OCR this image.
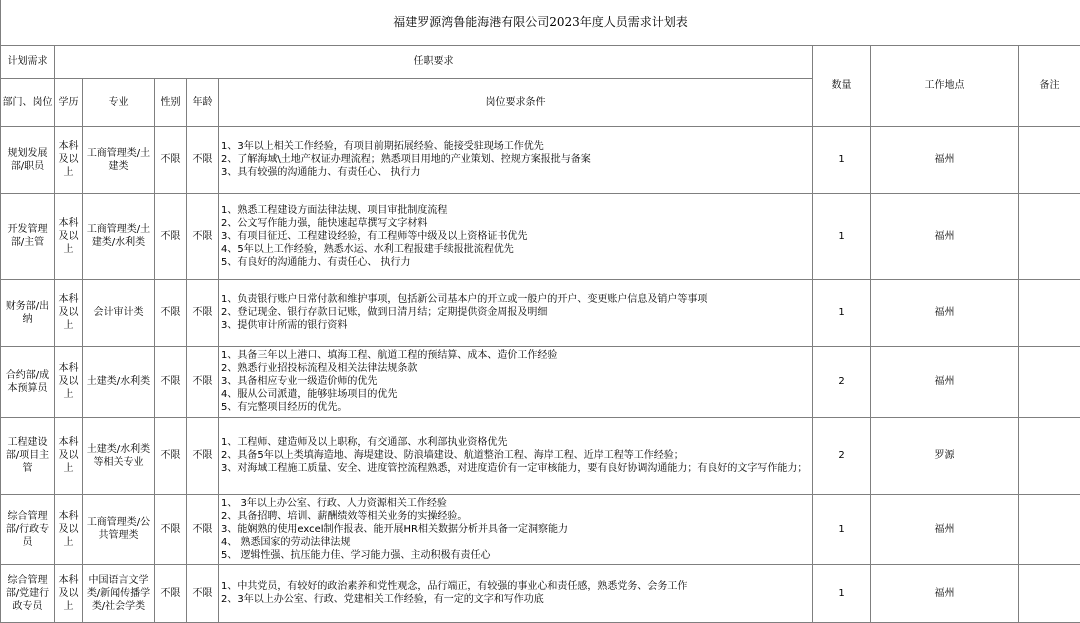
福建罗源湾鲁能海港有限公司2023年度人员需求计划表								
计划需求	任职要求					数量	工作地点	备注
部门、岗位	学历	专业	性别	年龄	岗位要求条件			
规划发展部/职员	本科及以上	工商管理类/土建类	不限	不限	1、3年以上相关工作经验，有项目前期拓展经验、能接受驻现场工作优先
2、了解海域\土地产权证办理流程；熟悉项目用地的产业策划、控规方案报批与备案
3、具有较强的沟通能力、有责任心、 执行力	1	福州	
开发管理部/主管	本科及以上	工商管理类/土建类/水利类	不限	不限	1、熟悉工程建设方面法律法规、项目审批制度流程
2、公文写作能力强，能快速起草撰写文字材料
3、有项目征迁、工程建设经验，有工程师等中级及以上资格证书优先
4、5年以上工作经验，熟悉水运、水利工程报建手续报批流程优先
5、有良好的沟通能力、有责任心、 执行力	1	福州	
财务部/出纳	本科及以上	会计审计类	不限	不限	1、负责银行账户日常付款和维护事项，包括新公司基本户的开立或一般户的开户、变更账户信息及销户等事项
2、登记现金、银行存款日记账，做到日清月结；定期提供资金周报及明细
3、提供审计所需的银行资料	1	福州	
合约部/成本预算员	本科及以上	土建类/水利类	不限	不限	1、具备三年以上港口、填海工程、航道工程的预结算、成本、造价工作经验
2、熟悉行业招投标流程及相关法律法规条款
3、具备相应专业一级造价师的优先
4、服从公司派遣，能够驻场项目的优先
5、有完整项目经历的优先。	2	福州	
工程建设部/项目主管	本科及以上	土建类/水利类等相关专业	不限	不限	1、工程师、建造师及以上职称，有交通部、水利部执业资格优先
2、具备5年以上类填海造地、海堤建设、防浪墙建设、航道整治工程、海岸工程、近岸工程等工作经验；
3、对海域工程施工质量、安全、进度管控流程熟悉，对进度造价有一定审核能力，要有良好协调沟通能力；有良好的文字写作能力；	2	罗源	
综合管理部/行政专员	本科及以上	工商管理类/公共管理类	不限	不限	1、 3年以上办公室、行政、人力资源相关工作经验
2、具备招聘、培训、薪酬绩效等相关业务的实操经验。
3、能娴熟的使用excel制作报表、能开展HR相关数据分析并具备一定洞察能力
4、 熟悉国家的劳动法律法规
5、 逻辑性强、抗压能力佳、学习能力强、主动积极有责任心	1	福州	
综合管理部/党建行政专员	本科及以上	中国语言文学类/新闻传播学类/社会学类	不限	不限	1、中共党员，有较好的政治素养和党性观念，品行端正，有较强的事业心和责任感，熟悉党务、会务工作
2、3年以上办公室、行政、党建相关工作经验，有一定的文字和写作功底	1	福州	
